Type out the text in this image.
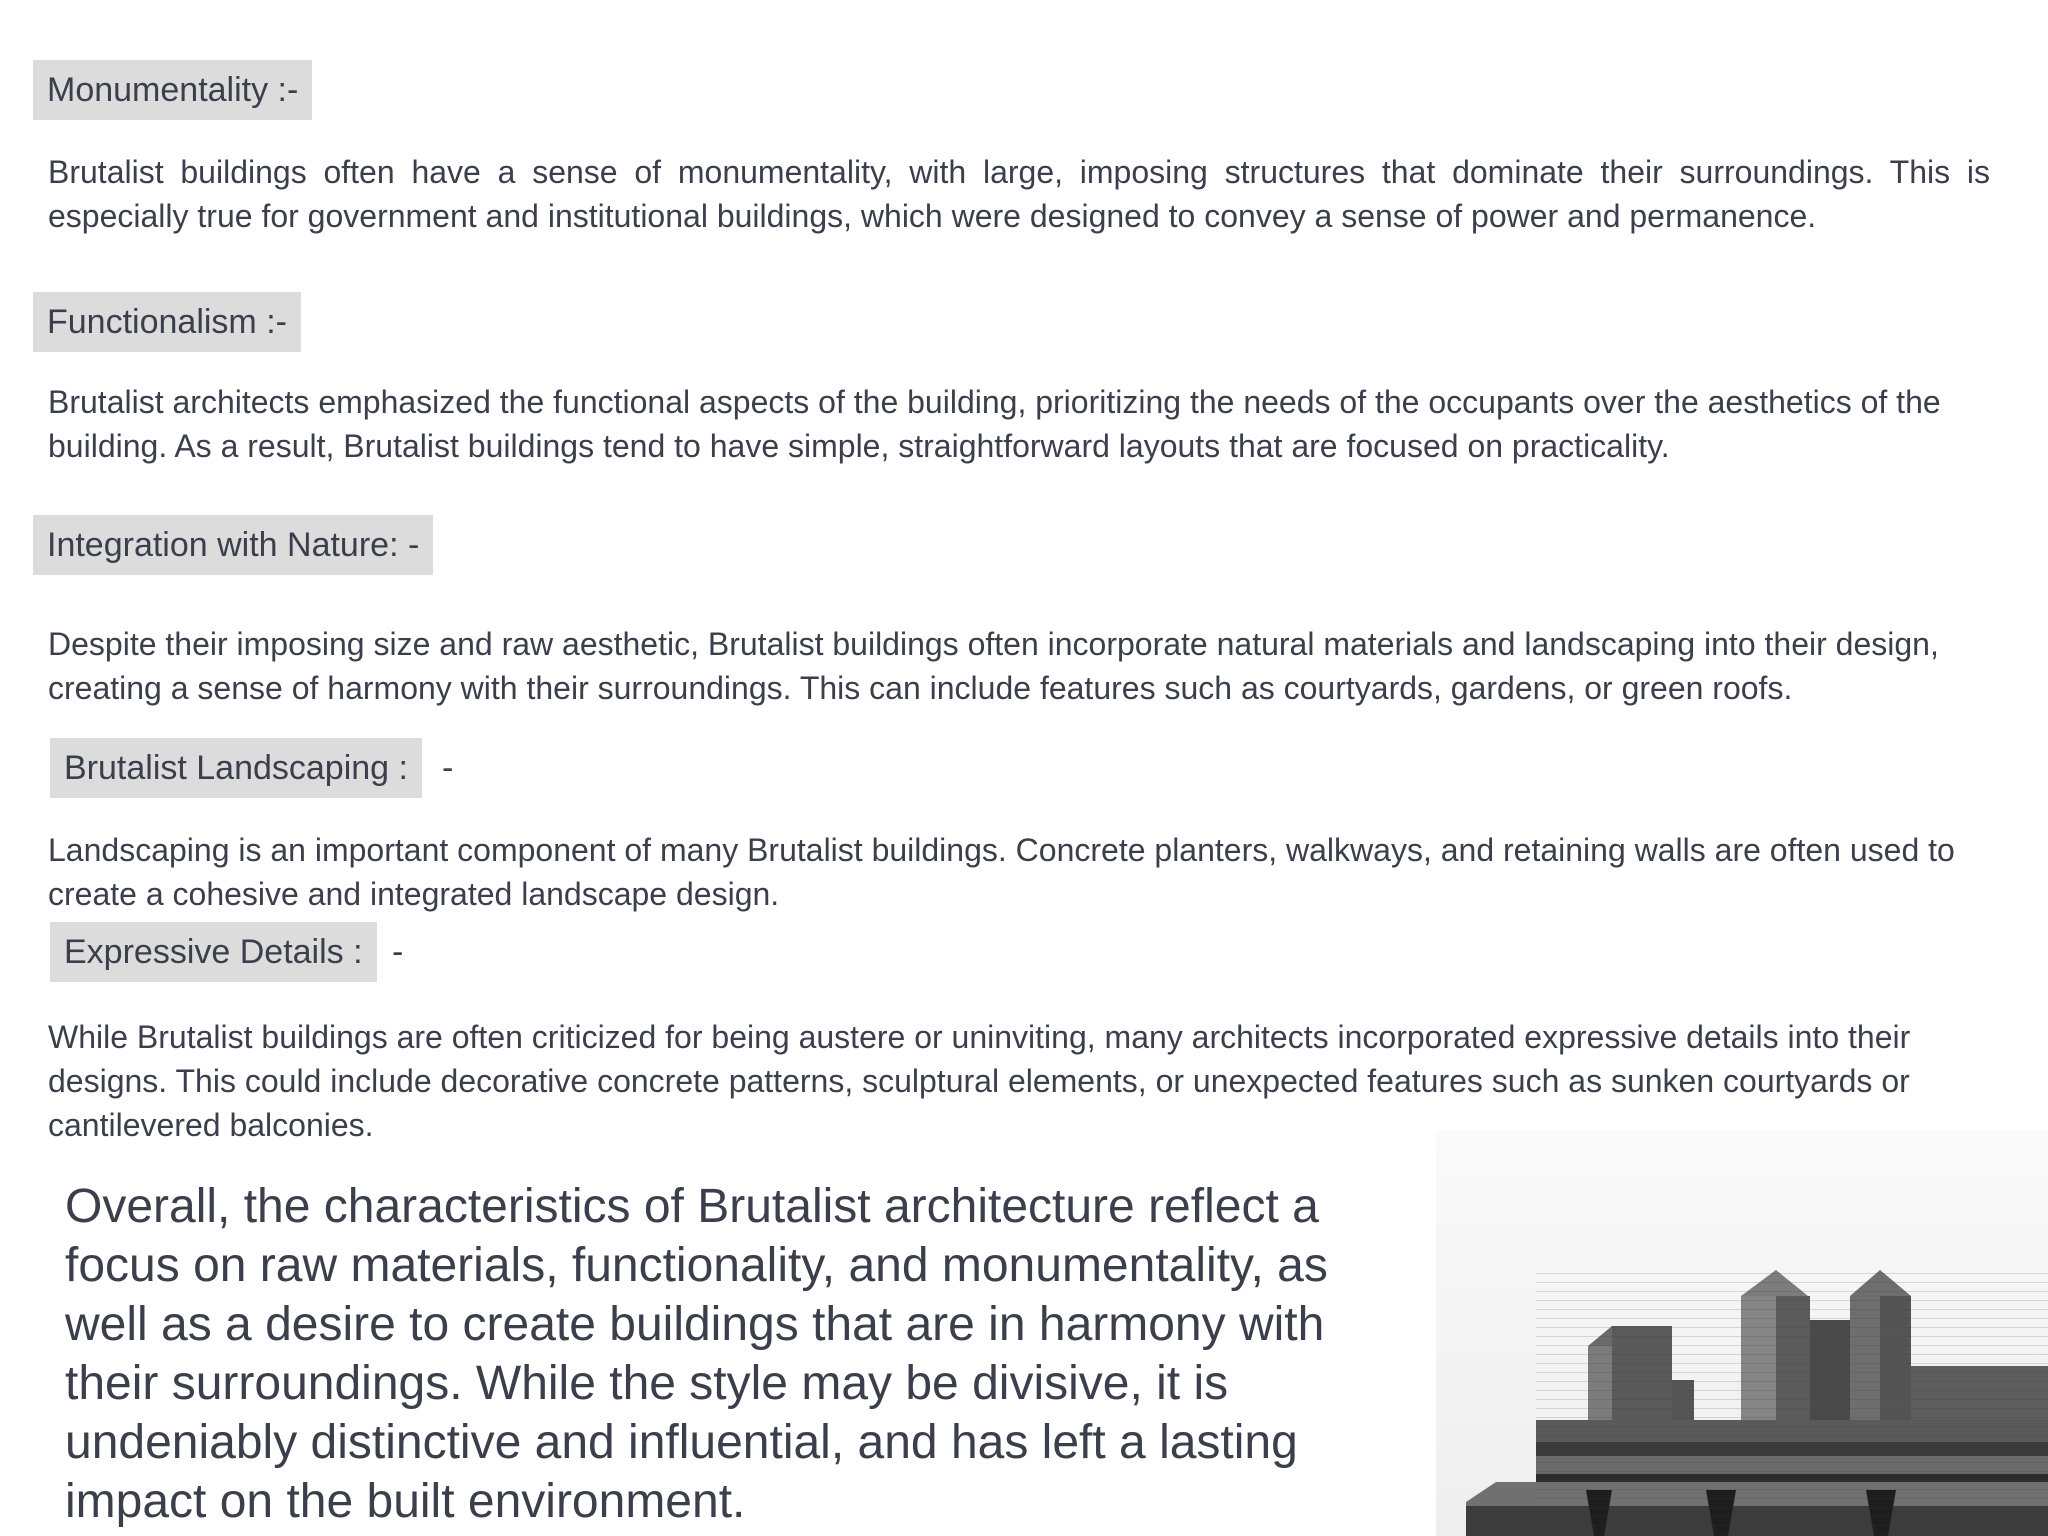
Monumentality :-
Brutalist buildings often have a sense of monumentality, with large, imposing structures that dominate their surroundings. This is especially true for government and institutional buildings, which were designed to convey a sense of power and permanence.
Functionalism :-
Brutalist architects emphasized the functional aspects of the building, prioritizing the needs of the occupants over the aesthetics of the building. As a result, Brutalist buildings tend to have simple, straightforward layouts that are focused on practicality.
Integration with Nature: -
Despite their imposing size and raw aesthetic, Brutalist buildings often incorporate natural materials and landscaping into their design, creating a sense of harmony with their surroundings. This can include features such as courtyards, gardens, or green roofs.
Brutalist Landscaping :	-
Landscaping is an important component of many Brutalist buildings. Concrete planters, walkways, and retaining walls are often used to create a cohesive and integrated landscape design.
Expressive Details : -
While Brutalist buildings are often criticized for being austere or uninviting, many architects incorporated expressive details into their designs. This could include decorative concrete patterns, sculptural elements, or unexpected features such as sunken courtyards or cantilevered balconies.
Overall, the characteristics of Brutalist architecture reflect a focus on raw materials, functionality, and monumentality, as well as a desire to create buildings that are in harmony with their surroundings. While the style may be divisive, it is undeniably distinctive and influential, and has left a lasting impact on the built environment.
